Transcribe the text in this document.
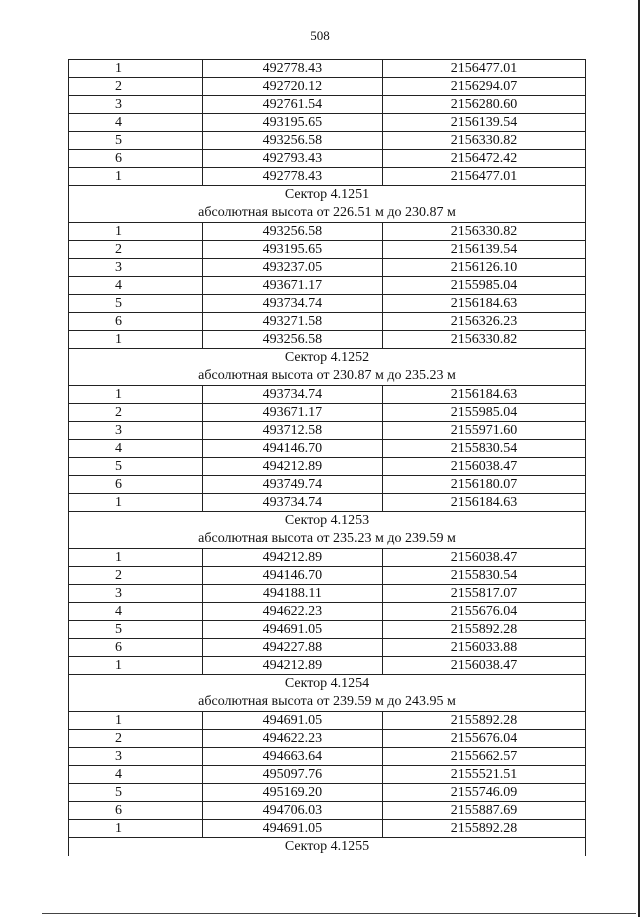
508
1	492778.43	2156477.01
2	492720.12	2156294.07
3	492761.54	2156280.60
4	493195.65	2156139.54
5	493256.58	2156330.82
6	492793.43	2156472.42
1	492778.43	2156477.01
Сектор 4.1251		
абсолютная высота от 226.51 м до 230.87 м		
1	493256.58	2156330.82
2	493195.65	2156139.54
3	493237.05	2156126.10
4	493671.17	2155985.04
5	493734.74	2156184.63
6	493271.58	2156326.23
1	493256.58	2156330.82
Сектор 4.1252		
абсолютная высота от 230.87 м до 235.23 м		
1	493734.74	2156184.63
2	493671.17	2155985.04
3	493712.58	2155971.60
4	494146.70	2155830.54
5	494212.89	2156038.47
6	493749.74	2156180.07
1	493734.74	2156184.63
Сектор 4.1253		
абсолютная высота от 235.23 м до 239.59 м		
1	494212.89	2156038.47
2	494146.70	2155830.54
3	494188.11	2155817.07
4	494622.23	2155676.04
5	494691.05	2155892.28
6	494227.88	2156033.88
1	494212.89	2156038.47
Сектор 4.1254		
абсолютная высота от 239.59 м до 243.95 м		
1	494691.05	2155892.28
2	494622.23	2155676.04
3	494663.64	2155662.57
4	495097.76	2155521.51
5	495169.20	2155746.09
6	494706.03	2155887.69
1	494691.05	2155892.28
Сектор 4.1255		
